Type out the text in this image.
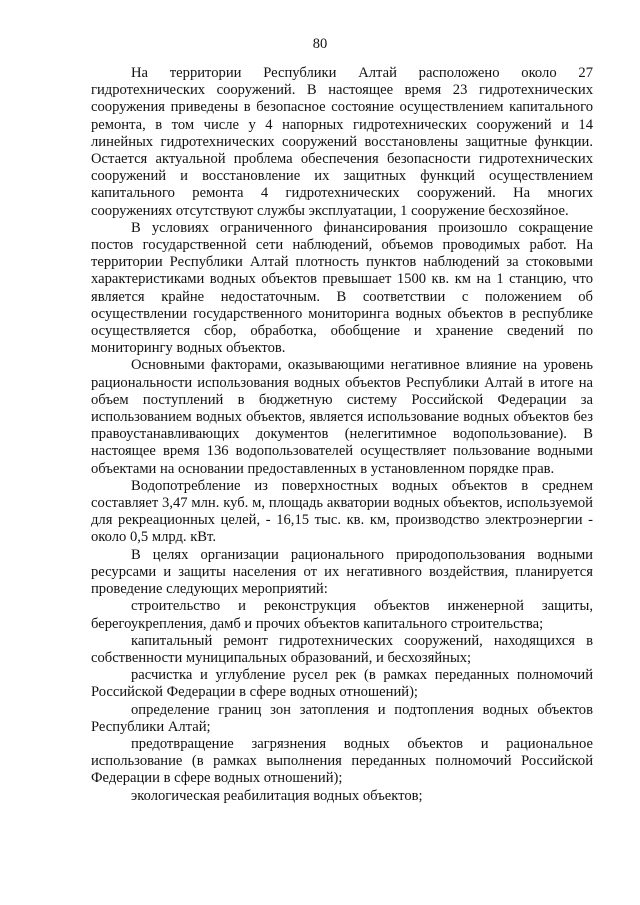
80

На территории Республики Алтай расположено около 27 гидротехнических сооружений. В настоящее время 23 гидротехнических сооружения приведены в безопасное состояние осуществлением капитального ремонта, в том числе у 4 напорных гидротехнических сооружений и 14 линейных гидротехнических сооружений восстановлены защитные функции. Остается актуальной проблема обеспечения безопасности гидротехнических сооружений и восстановление их защитных функций осуществлением капитального ремонта 4 гидротехнических сооружений. На многих сооружениях отсутствуют службы эксплуатации, 1 сооружение бесхозяйное.

В условиях ограниченного финансирования произошло сокращение постов государственной сети наблюдений, объемов проводимых работ. На территории Республики Алтай плотность пунктов наблюдений за стоковыми характеристиками водных объектов превышает 1500 кв. км на 1 станцию, что является крайне недостаточным. В соответствии с положением об осуществлении государственного мониторинга водных объектов в республике осуществляется сбор, обработка, обобщение и хранение сведений по мониторингу водных объектов.

Основными факторами, оказывающими негативное влияние на уровень рациональности использования водных объектов Республики Алтай в итоге на объем поступлений в бюджетную систему Российской Федерации за использованием водных объектов, является использование водных объектов без правоустанавливающих документов (нелегитимное водопользование). В настоящее время 136 водопользователей осуществляет пользование водными объектами на основании предоставленных в установленном порядке прав.

Водопотребление из поверхностных водных объектов в среднем составляет 3,47 млн. куб. м, площадь акватории водных объектов, используемой для рекреационных целей, - 16,15 тыс. кв. км, производство электроэнергии - около 0,5 млрд. кВт.

В целях организации рационального природопользования водными ресурсами и защиты населения от их негативного воздействия, планируется проведение следующих мероприятий:

строительство и реконструкция объектов инженерной защиты, берегоукрепления, дамб и прочих объектов капитального строительства;

капитальный ремонт гидротехнических сооружений, находящихся в собственности муниципальных образований, и бесхозяйных;

расчистка и углубление русел рек (в рамках переданных полномочий Российской Федерации в сфере водных отношений);

определение границ зон затопления и подтопления водных объектов Республики Алтай;

предотвращение загрязнения водных объектов и рациональное использование (в рамках выполнения переданных полномочий Российской Федерации в сфере водных отношений);

экологическая реабилитация водных объектов;
